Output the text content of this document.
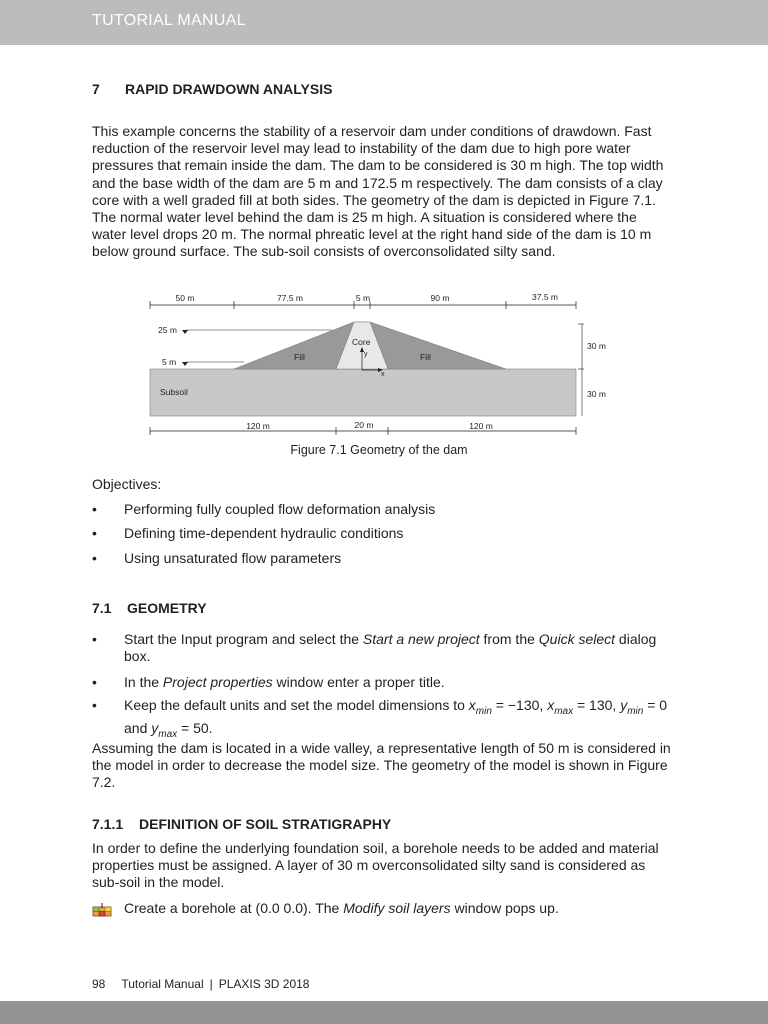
TUTORIAL MANUAL
7 RAPID DRAWDOWN ANALYSIS
This example concerns the stability of a reservoir dam under conditions of drawdown. Fast reduction of the reservoir level may lead to instability of the dam due to high pore water pressures that remain inside the dam. The dam to be considered is 30 m high. The top width and the base width of the dam are 5 m and 172.5 m respectively. The dam consists of a clay core with a well graded fill at both sides. The geometry of the dam is depicted in Figure 7.1. The normal water level behind the dam is 25 m high. A situation is considered where the water level drops 20 m. The normal phreatic level at the right hand side of the dam is 10 m below ground surface. The sub-soil consists of overconsolidated silty sand.
50 m	77.5 m	5 m	90 m	37.5 m
25 m
5 m	Fill	Fill
Core
Subsoil
y
x
30 m
30 m
120 m	20 m	120 m
Figure 7.1 Geometry of the dam
Objectives:
• Performing fully coupled flow deformation analysis
• Defining time-dependent hydraulic conditions
• Using unsaturated flow parameters
7.1 GEOMETRY
• Start the Input program and select the Start a new project from the Quick select dialog box.
• In the Project properties window enter a proper title.
• Keep the default units and set the model dimensions to $x_{min} = -130$, $x_{max} = 130$, $y_{min} = 0$ and $y_{max} = 50$.
Assuming the dam is located in a wide valley, a representative length of 50 m is considered in the model in order to decrease the model size. The geometry of the model is shown in Figure 7.2.
7.1.1 DEFINITION OF SOIL STRATIGRAPHY
In order to define the underlying foundation soil, a borehole needs to be added and material properties must be assigned. A layer of 30 m overconsolidated silty sand is considered as sub-soil in the model.
Create a borehole at (0.0 0.0). The Modify soil layers window pops up.
98 Tutorial Manual | PLAXIS 3D 2018
